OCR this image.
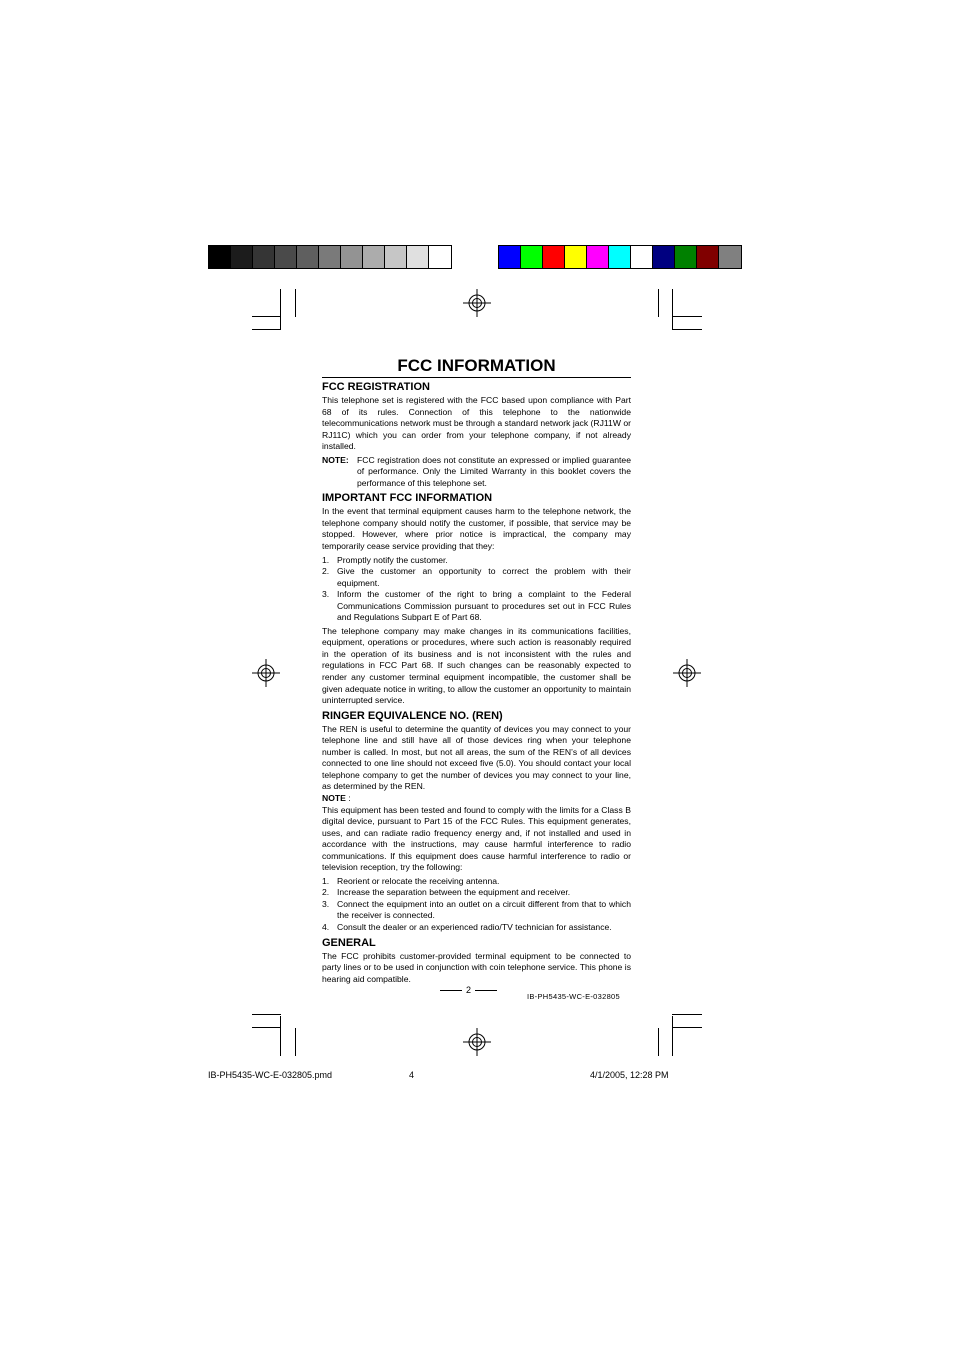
FCC INFORMATION
FCC REGISTRATION

This telephone set is registered with the FCC based upon compliance with Part 68 of its rules. Connection of this telephone to the nationwide telecommunications network must be through a standard network jack (RJ11W or RJ11C) which you can order from your telephone company, if not already installed.

NOTE: FCC registration does not constitute an expressed or implied guarantee of performance. Only the Limited Warranty in this booklet covers the performance of this telephone set.
IMPORTANT FCC INFORMATION

In the event that terminal equipment causes harm to the telephone network, the telephone company should notify the customer, if possible, that service may be stopped. However, where prior notice is impractical, the company may temporarily cease service providing that they:

1. Promptly notify the customer.
2. Give the customer an opportunity to correct the problem with their equipment.
3. Inform the customer of the right to bring a complaint to the Federal Communications Commission pursuant to procedures set out in FCC Rules and Regulations Subpart E of Part 68.

The telephone company may make changes in its communications facilities, equipment, operations or procedures, where such action is reasonably required in the operation of its business and is not inconsistent with the rules and regulations in FCC Part 68. If such changes can be reasonably expected to render any customer terminal equipment incompatible, the customer shall be given adequate notice in writing, to allow the customer an opportunity to maintain uninterrupted service.

RINGER EQUIVALENCE NO. (REN)

The REN is useful to determine the quantity of devices you may connect to your telephone line and still have all of those devices ring when your telephone number is called. In most, but not all areas, the sum of the REN’s of all devices connected to one line should not exceed five (5.0). You should contact your local telephone company to get the number of devices you may connect to your line, as determined by the REN.

NOTE :

This equipment has been tested and found to comply with the limits for a Class B digital device, pursuant to Part 15 of the FCC Rules. This equipment generates, uses, and can radiate radio frequency energy and, if not installed and used in accordance with the instructions, may cause harmful interference to radio communications. If this equipment does cause harmful interference to radio or television reception, try the following:

1. Reorient or relocate the receiving antenna.
2. Increase the separation between the equipment and receiver.
3. Connect the equipment into an outlet on a circuit different from that to which the receiver is connected.
4. Consult the dealer or an experienced radio/TV technician for assistance.
GENERAL

The FCC prohibits customer-provided terminal equipment to be connected to party lines or to be used in conjunction with coin telephone service. This phone is hearing aid compatible.

2
IB-PH5435-WC-E-032805
IB-PH5435-WC-E-032805.pmd	4	4/1/2005, 12:28 PM
